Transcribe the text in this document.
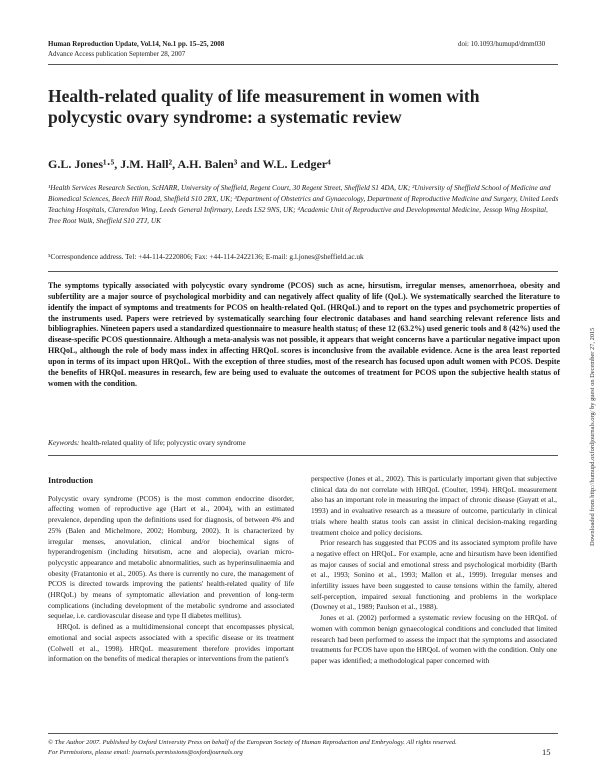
Human Reproduction Update, Vol.14, No.1 pp. 15–25, 2008
Advance Access publication September 28, 2007
doi: 10.1093/humupd/dmm030
Health-related quality of life measurement in women with polycystic ovary syndrome: a systematic review
G.L. Jones¹·⁵, J.M. Hall², A.H. Balen³ and W.L. Ledger⁴
¹Health Services Research Section, ScHARR, University of Sheffield, Regent Court, 30 Regent Street, Sheffield S1 4DA, UK; ²University of Sheffield School of Medicine and Biomedical Sciences, Beech Hill Road, Sheffield S10 2RX, UK; ³Department of Obstetrics and Gynaecology, Department of Reproductive Medicine and Surgery, United Leeds Teaching Hospitals, Clarendon Wing, Leeds General Infirmary, Leeds LS2 9NS, UK; ⁴Academic Unit of Reproductive and Developmental Medicine, Jessop Wing Hospital, Tree Root Walk, Sheffield S10 2TJ, UK
⁵Correspondence address. Tel: +44-114-2220806; Fax: +44-114-2422136; E-mail: g.l.jones@sheffield.ac.uk
The symptoms typically associated with polycystic ovary syndrome (PCOS) such as acne, hirsutism, irregular menses, amenorrhoea, obesity and subfertility are a major source of psychological morbidity and can negatively affect quality of life (QoL). We systematically searched the literature to identify the impact of symptoms and treatments for PCOS on health-related QoL (HRQoL) and to report on the types and psychometric properties of the instruments used. Papers were retrieved by systematically searching four electronic databases and hand searching relevant reference lists and bibliographies. Nineteen papers used a standardized questionnaire to measure health status; of these 12 (63.2%) used generic tools and 8 (42%) used the disease-specific PCOS questionnaire. Although a meta-analysis was not possible, it appears that weight concerns have a particular negative impact upon HRQoL, although the role of body mass index in affecting HRQoL scores is inconclusive from the available evidence. Acne is the area least reported upon in terms of its impact upon HRQoL. With the exception of three studies, most of the research has focused upon adult women with PCOS. Despite the benefits of HRQoL measures in research, few are being used to evaluate the outcomes of treatment for PCOS upon the subjective health status of women with the condition.
Keywords: health-related quality of life; polycystic ovary syndrome
Introduction

Polycystic ovary syndrome (PCOS) is the most common endocrine disorder, affecting women of reproductive age (Hart et al., 2004), with an estimated prevalence, depending upon the definitions used for diagnosis, of between 4% and 25% (Balen and Michelmore, 2002; Homburg, 2002). It is characterized by irregular menses, anovulation, clinical and/or biochemical signs of hyperandrogenism (including hirsutism, acne and alopecia), ovarian micro-polycystic appearance and metabolic abnormalities, such as hyperinsulinaemia and obesity (Fratantonio et al., 2005). As there is currently no cure, the management of PCOS is directed towards improving the patients' health-related quality of life (HRQoL) by means of symptomatic alleviation and prevention of long-term complications (including development of the metabolic syndrome and associated sequelae, i.e. cardiovascular disease and type II diabetes mellitus).

HRQoL is defined as a multidimensional concept that encompasses physical, emotional and social aspects associated with a specific disease or its treatment (Colwell et al., 1998). HRQoL measurement therefore provides important information on the benefits of medical therapies or interventions from the patient's

perspective (Jones et al., 2002). This is particularly important given that subjective clinical data do not correlate with HRQoL (Coulter, 1994). HRQoL measurement also has an important role in measuring the impact of chronic disease (Guyatt et al., 1993) and in evaluative research as a measure of outcome, particularly in clinical trials where health status tools can assist in clinical decision-making regarding treatment choice and policy decisions.

Prior research has suggested that PCOS and its associated symptom profile have a negative effect on HRQoL. For example, acne and hirsutism have been identified as major causes of social and emotional stress and psychological morbidity (Barth et al., 1993; Sonino et al., 1993; Mallon et al., 1999). Irregular menses and infertility issues have been suggested to cause tensions within the family, altered self-perception, impaired sexual functioning and problems in the workplace (Downey et al., 1989; Paulson et al., 1988).

Jones et al. (2002) performed a systematic review focusing on the HRQoL of women with common benign gynaecological conditions and concluded that limited research had been performed to assess the impact that the symptoms and associated treatments for PCOS have upon the HRQoL of women with the condition. Only one paper was identified; a methodological paper concerned with

Downloaded from http://humupd.oxfordjournals.org/ by guest on December 27, 2015
© The Author 2007. Published by Oxford University Press on behalf of the European Society of Human Reproduction and Embryology. All rights reserved.
For Permissions, please email: journals.permissions@oxfordjournals.org	15
